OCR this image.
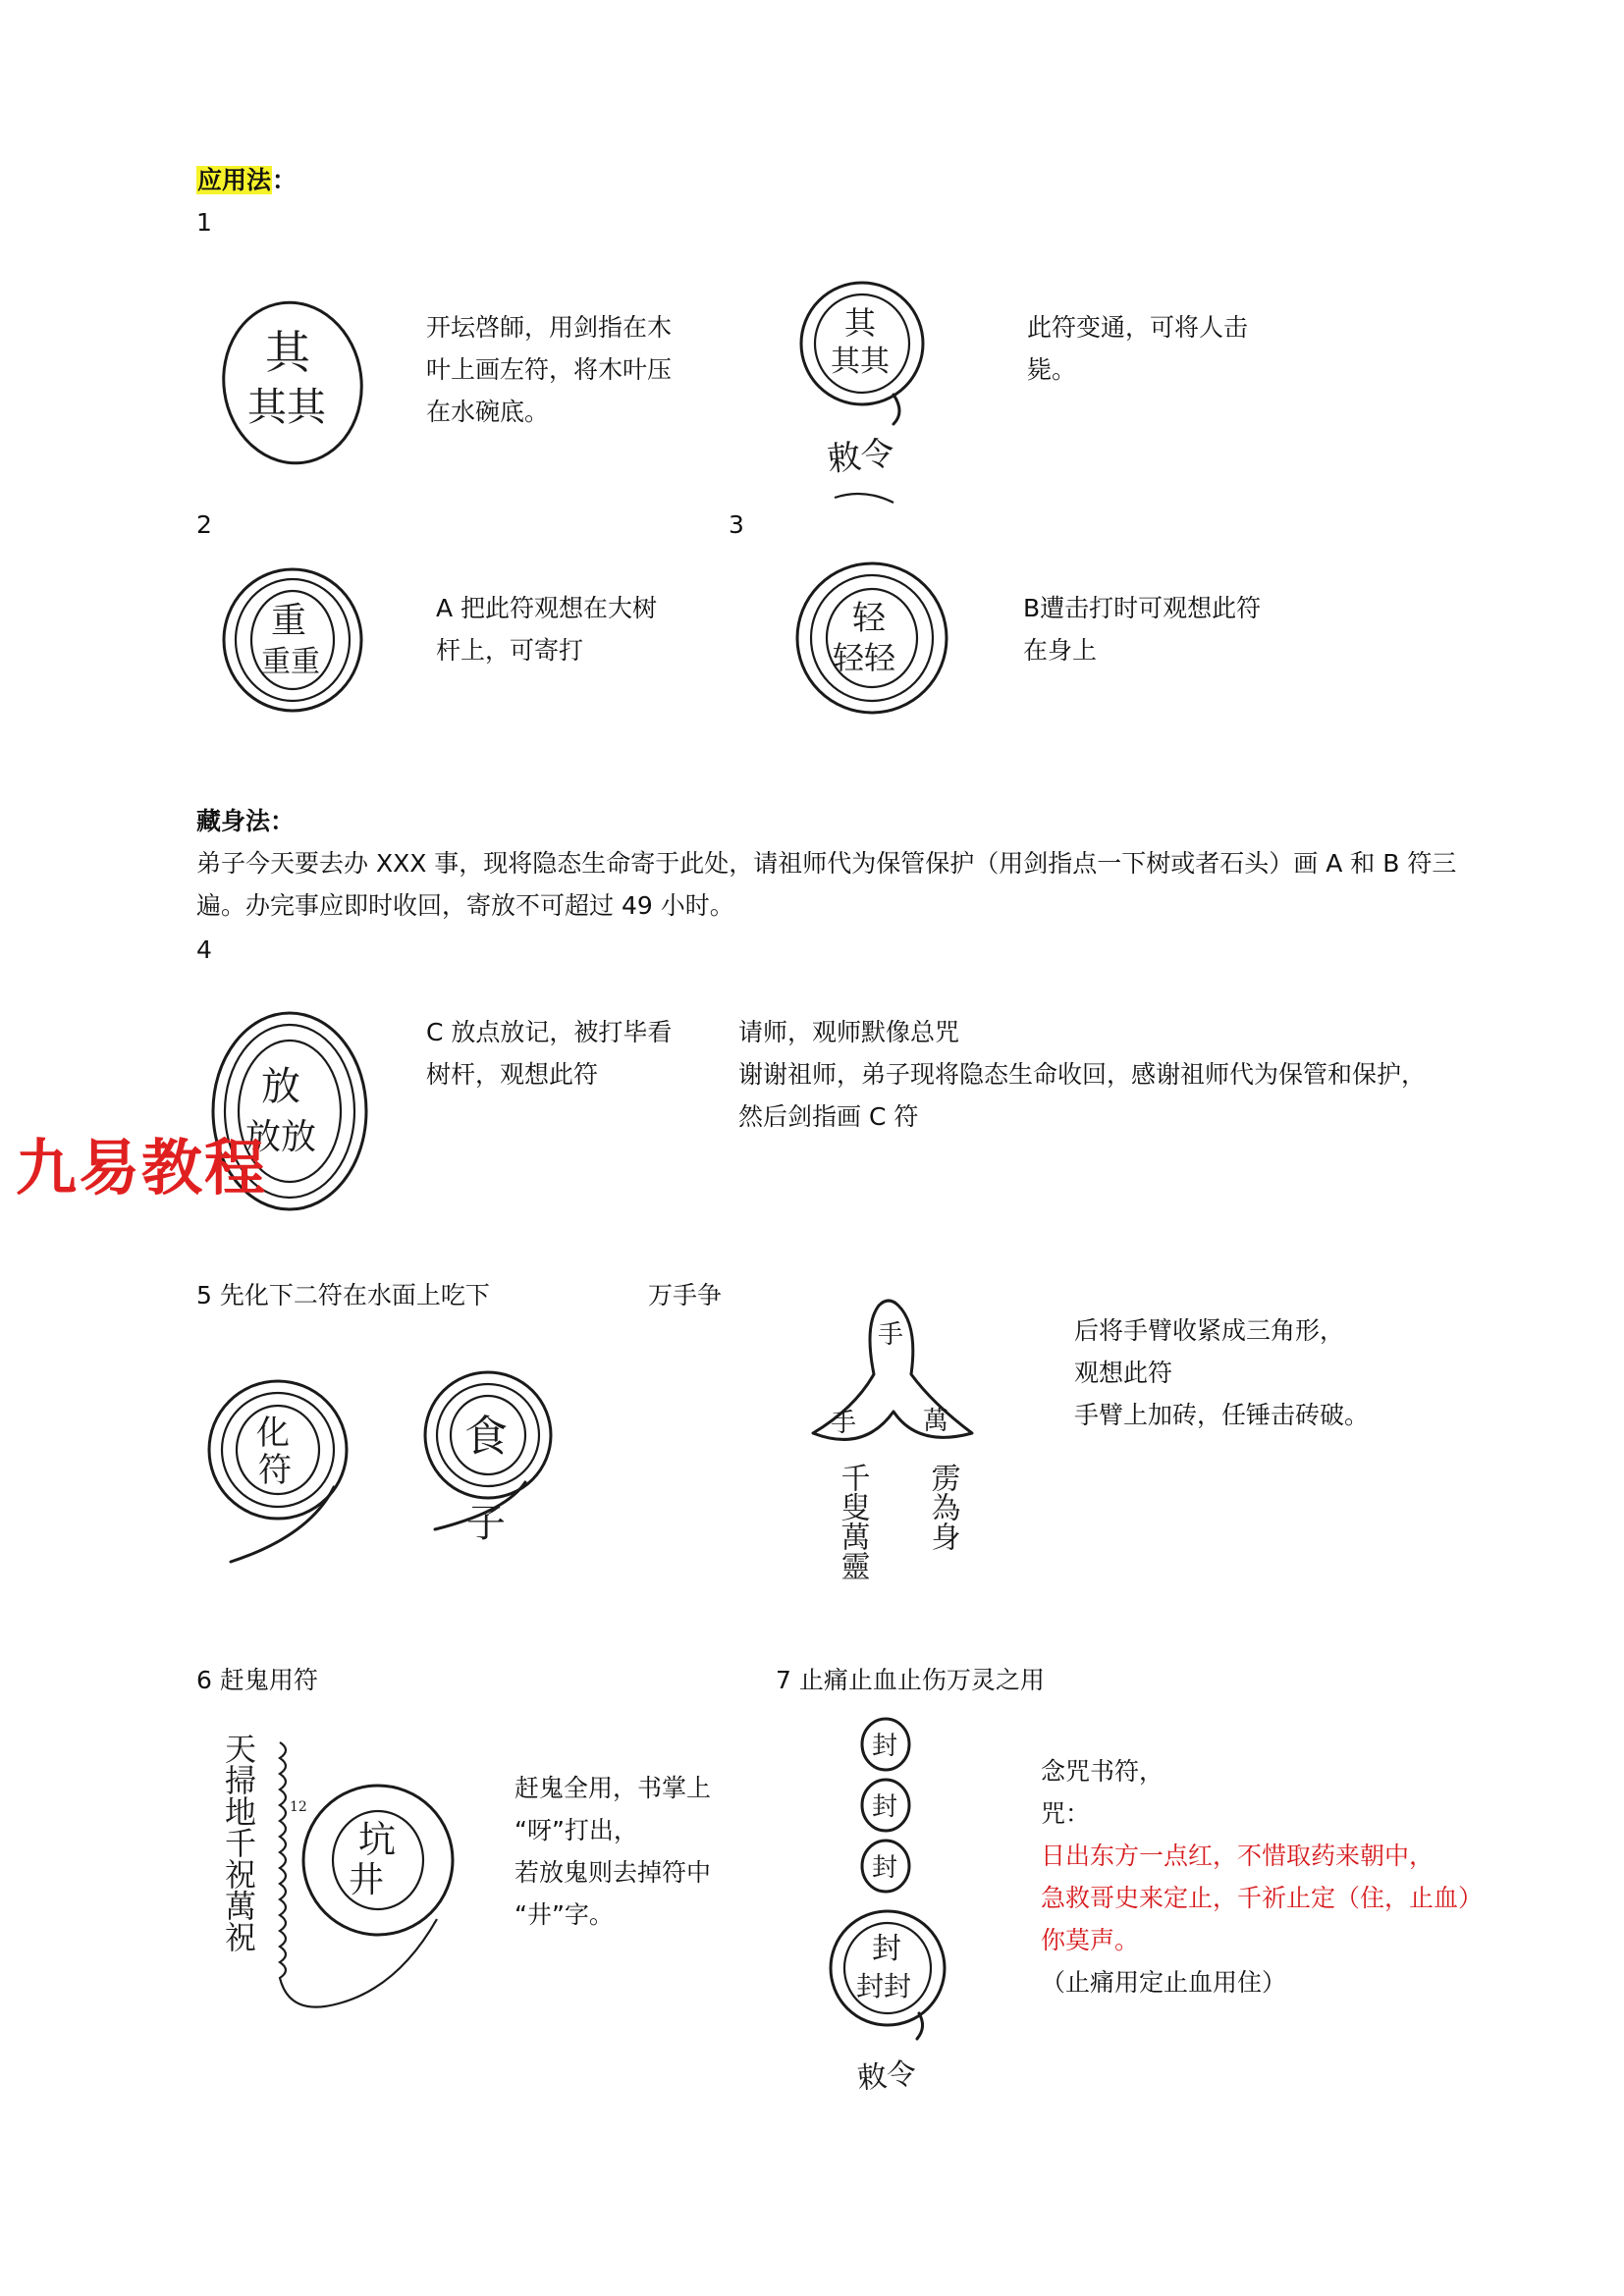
应用法：
1
其
其其
开坛啓師，用剑指在木
叶上画左符，将木叶压
在水碗底。
其
其其
敕令
此符变通，可将人击
毙。
2	3
重
重重
A 把此符观想在大树
杆上，可寄打
轻
轻轻
B遭击打时可观想此符
在身上
藏身法：
弟子今天要去办 XXX 事，现将隐态生命寄于此处，请祖师代为保管保护（用剑指点一下树或者石头）画 A 和 B 符三
遍。办完事应即时收回，寄放不可超过 49 小时。
4
放
放放
九易教程
C 放点放记，被打毕看
树杆，观想此符
请师，观师默像总咒
谢谢祖师，弟子现将隐态生命收回，感谢祖师代为保管和保护，
然后剑指画 C 符
5 先化下二符在水面上吃下	万手争
化
符
食
子
手
手	萬
千叟萬靈 雳為身
后将手臂收紧成三角形，
观想此符
手臂上加砖，任锤击砖破。
6 赶鬼用符
天掃地千祝萬祝 12
坑
井
赶鬼全用，书掌上
“呀”打出，
若放鬼则去掉符中
“井”字。
7 止痛止血止伤万灵之用
封
封
封
封
封封
敕令
念咒书符，
咒：
日出东方一点红，不惜取药来朝中，
急救哥史来定止，千祈止定（住，止血）
你莫声。
（止痛用定止血用住）
